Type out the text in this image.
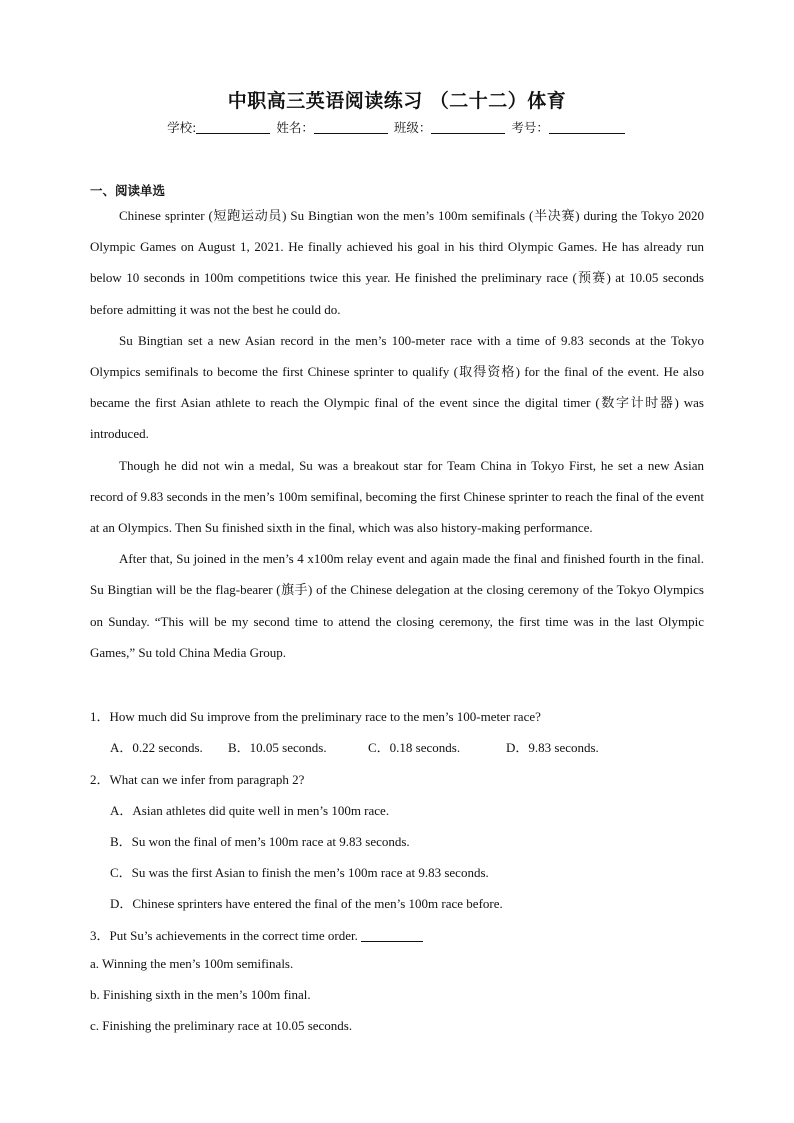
中职高三英语阅读练习 （二十二）体育
学校:	姓名：	班级：	考号：
一、阅读单选

Chinese sprinter (短跑运动员) Su Bingtian won the men’s 100m semifinals (半决赛) during the Tokyo 2020 Olympic Games on August 1, 2021. He finally achieved his goal in his third Olympic Games. He has already run below 10 seconds in 100m competitions twice this year. He finished the preliminary race (预赛) at 10.05 seconds before admitting it was not the best he could do.

Su Bingtian set a new Asian record in the men’s 100-meter race with a time of 9.83 seconds at the Tokyo Olympics semifinals to become the first Chinese sprinter to qualify (取得资格) for the final of the event. He also became the first Asian athlete to reach the Olympic final of the event since the digital timer (数字计时器) was introduced.

Though he did not win a medal, Su was a breakout star for Team China in Tokyo First, he set a new Asian record of 9.83 seconds in the men’s 100m semifinal, becoming the first Chinese sprinter to reach the final of the event at an Olympics. Then Su finished sixth in the final, which was also history-making performance.

After that, Su joined in the men’s 4 x100m relay event and again made the final and finished fourth in the final. Su Bingtian will be the flag-bearer (旗手) of the Chinese delegation at the closing ceremony of the Tokyo Olympics on Sunday. “This will be my second time to attend the closing ceremony, the first time was in the last Olympic Games,” Su told China Media Group.

1．How much did Su improve from the preliminary race to the men’s 100-meter race?
A．0.22 seconds. B．10.05 seconds.	C．0.18 seconds.	D．9.83 seconds.
2．What can we infer from paragraph 2?
A．Asian athletes did quite well in men’s 100m race.
B．Su won the final of men’s 100m race at 9.83 seconds.
C．Su was the first Asian to finish the men’s 100m race at 9.83 seconds.
D．Chinese sprinters have entered the final of the men’s 100m race before.
3．Put Su’s achievements in the correct time order.
a. Winning the men’s 100m semifinals.
b. Finishing sixth in the men’s 100m final.
c. Finishing the preliminary race at 10.05 seconds.
